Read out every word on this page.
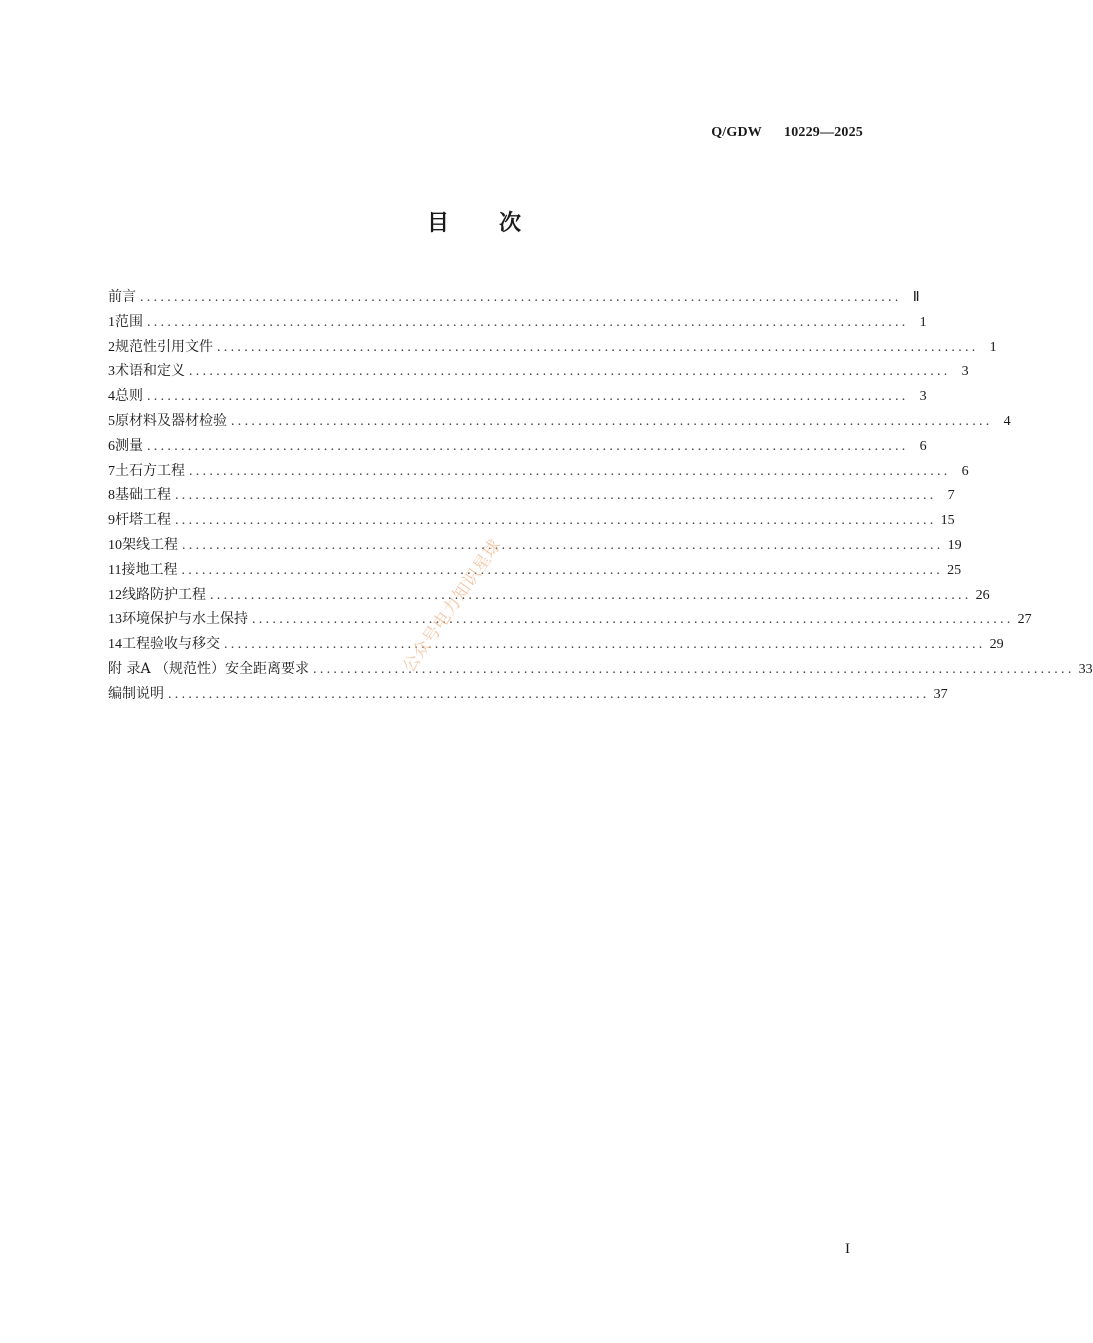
Q/GDW 10229—2025
目 次
前言 ................................................................................................................ Ⅱ
1 范围 ................................................................................................................ 1
2 规范性引用文件 ................................................................................................................ 1
3 术语和定义 ................................................................................................................ 3
4 总则 ................................................................................................................ 3
5 原材料及器材检验 ................................................................................................................ 4
6 测量 ................................................................................................................ 6
7 土石方工程 ................................................................................................................ 6
8 基础工程 ................................................................................................................ 7
9 杆塔工程 ................................................................................................................ 15
10 架线工程 ................................................................................................................ 19
11 接地工程 ................................................................................................................ 25
12 线路防护工程 ................................................................................................................ 26
13 环境保护与水土保持 ................................................................................................................ 27
14 工程验收与移交 ................................................................................................................ 29
附 录A （规范性）安全距离要求 ................................................................................................................ 33
编制说明 ................................................................................................................ 37
公众号电力知识星球
I
